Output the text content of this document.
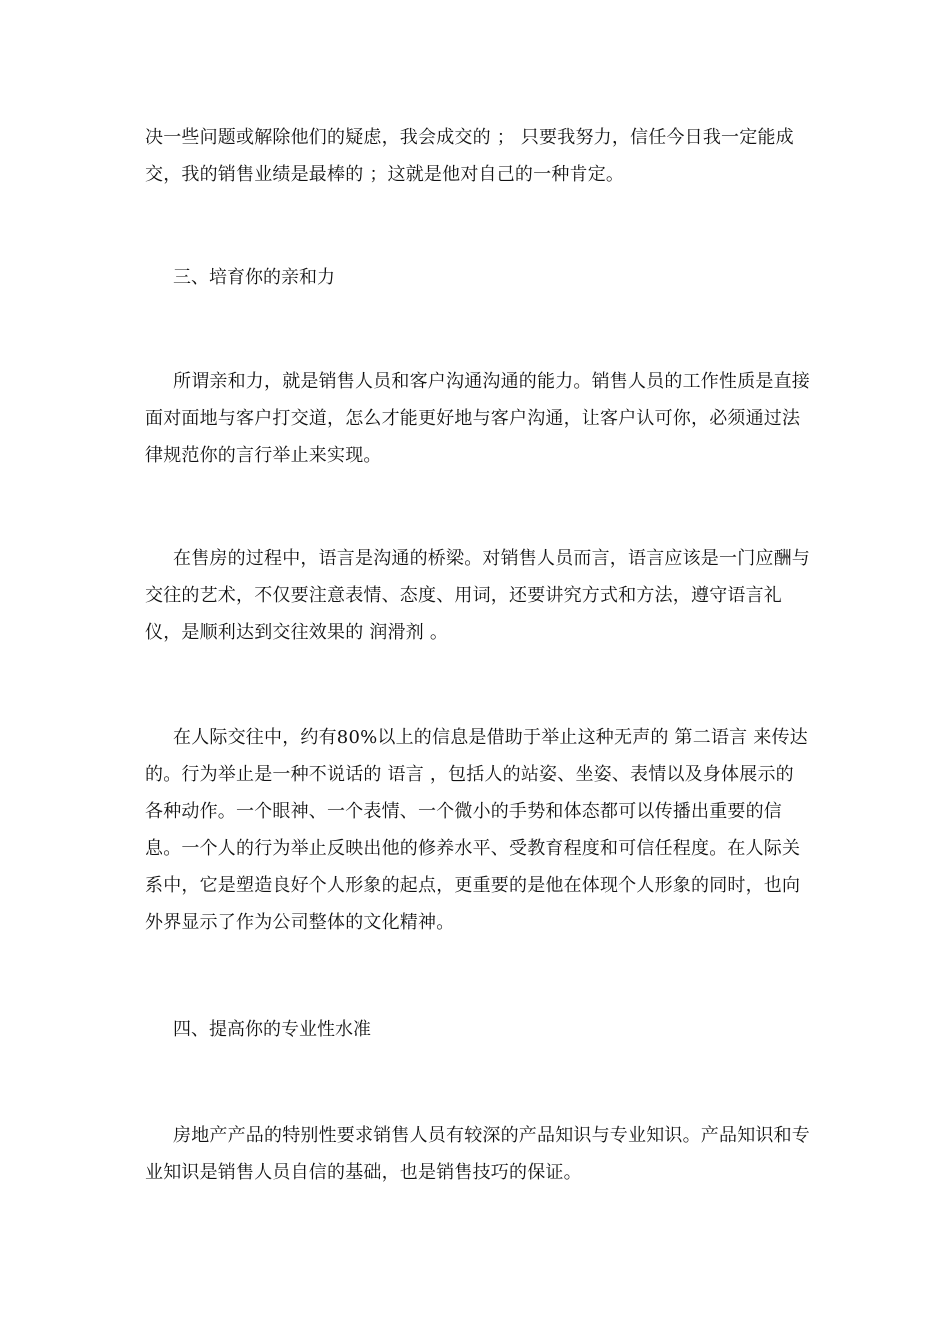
决一些问题或解除他们的疑虑，我会成交的 ； 只要我努力，信任今日我一定能成交，我的销售业绩是最棒的 ；这就是他对自己的一种肯定。

三、培育你的亲和力

所谓亲和力，就是销售人员和客户沟通沟通的能力。销售人员的工作性质是直接面对面地与客户打交道，怎么才能更好地与客户沟通，让客户认可你，必须通过法律规范你的言行举止来实现。

在售房的过程中，语言是沟通的桥梁。对销售人员而言，语言应该是一门应酬与交往的艺术，不仅要注意表情、态度、用词，还要讲究方式和方法，遵守语言礼仪，是顺利达到交往效果的 润滑剂 。

在人际交往中，约有80%以上的信息是借助于举止这种无声的 第二语言 来传达的。行为举止是一种不说话的 语言 ，包括人的站姿、坐姿、表情以及身体展示的各种动作。一个眼神、一个表情、一个微小的手势和体态都可以传播出重要的信息。一个人的行为举止反映出他的修养水平、受教育程度和可信任程度。在人际关系中，它是塑造良好个人形象的起点，更重要的是他在体现个人形象的同时，也向外界显示了作为公司整体的文化精神。

四、提高你的专业性水准

房地产产品的特别性要求销售人员有较深的产品知识与专业知识。产品知识和专业知识是销售人员自信的基础，也是销售技巧的保证。
